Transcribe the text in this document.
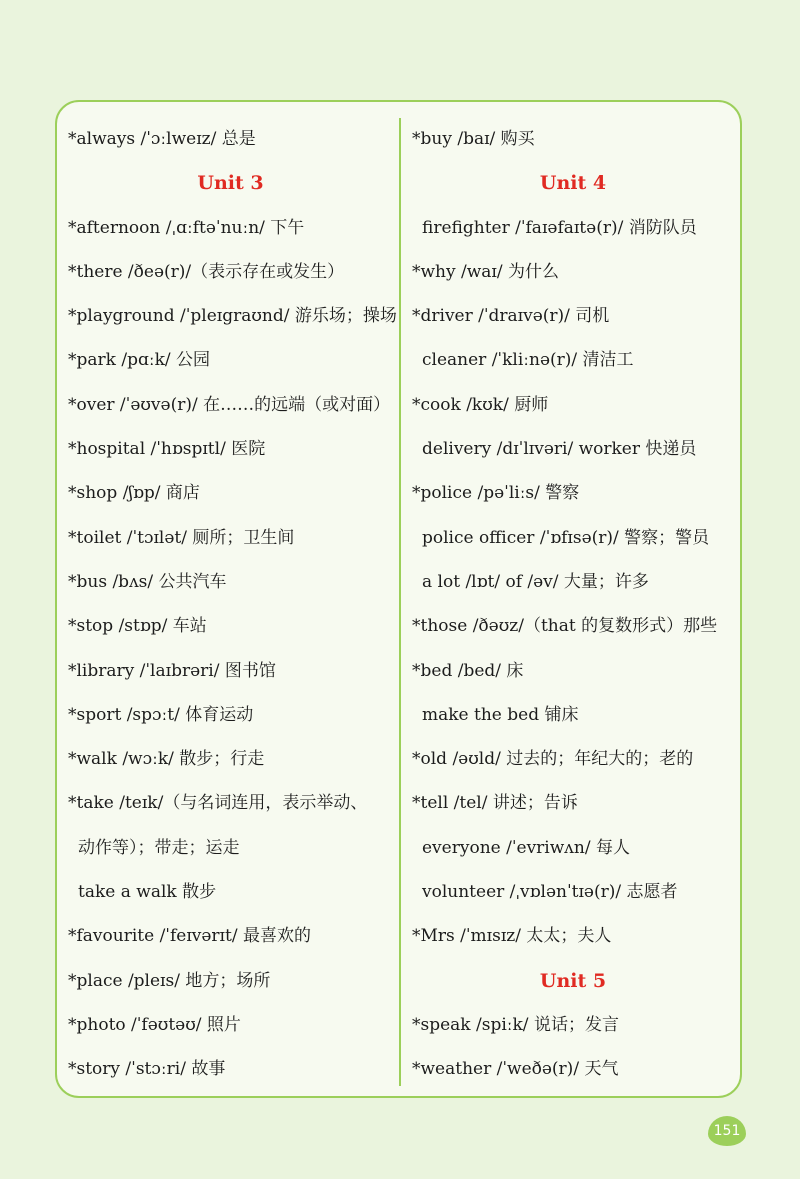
*always /ˈɔːlweɪz/ 总是
Unit 3
*afternoon /ˌɑːftəˈnuːn/ 下午
*there /ðeə(r)/（表示存在或发生）
*playground /ˈpleɪgraʊnd/ 游乐场；操场
*park /pɑːk/ 公园
*over /ˈəʊvə(r)/ 在……的远端（或对面）
*hospital /ˈhɒspɪtl/ 医院
*shop /ʃɒp/ 商店
*toilet /ˈtɔɪlət/ 厕所；卫生间
*bus /bʌs/ 公共汽车
*stop /stɒp/ 车站
*library /ˈlaɪbrəri/ 图书馆
*sport /spɔːt/ 体育运动
*walk /wɔːk/ 散步；行走
*take /teɪk/（与名词连用，表示举动、
动作等）；带走；运走
take a walk 散步
*favourite /ˈfeɪvərɪt/ 最喜欢的
*place /pleɪs/ 地方；场所
*photo /ˈfəʊtəʊ/ 照片
*story /ˈstɔːri/ 故事
*buy /baɪ/ 购买
Unit 4
firefighter /ˈfaɪəfaɪtə(r)/ 消防队员
*why /waɪ/ 为什么
*driver /ˈdraɪvə(r)/ 司机
cleaner /ˈkliːnə(r)/ 清洁工
*cook /kʊk/ 厨师
delivery /dɪˈlɪvəri/ worker 快递员
*police /pəˈliːs/ 警察
police officer /ˈɒfɪsə(r)/ 警察；警员
a lot /lɒt/ of /əv/ 大量；许多
*those /ðəʊz/（that 的复数形式）那些
*bed /bed/ 床
make the bed 铺床
*old /əʊld/ 过去的；年纪大的；老的
*tell /tel/ 讲述；告诉
everyone /ˈevriwʌn/ 每人
volunteer /ˌvɒlənˈtɪə(r)/ 志愿者
*Mrs /ˈmɪsɪz/ 太太；夫人
Unit 5
*speak /spiːk/ 说话；发言
*weather /ˈweðə(r)/ 天气
151
